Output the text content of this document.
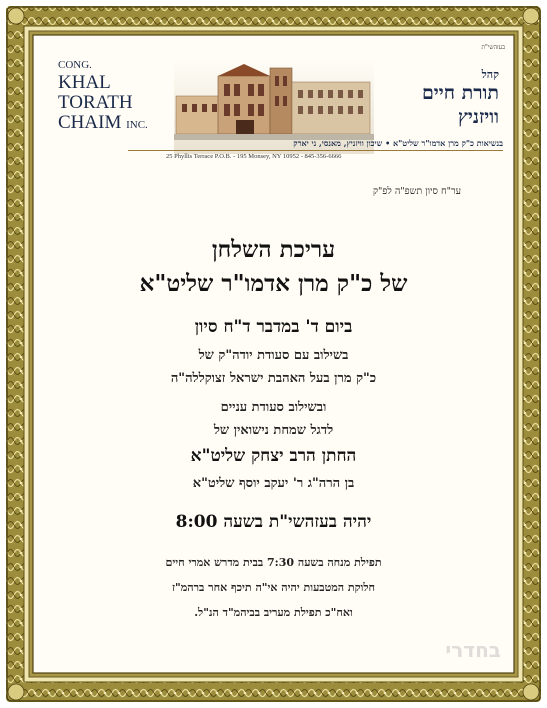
בעזהשי"ת
CONG.
KHAL
TORATH
CHAIM INC.
קהל
תורת חיים
וויזניץ
בנשיאות כ"ק מרן אדמו"ר שליט"א • שיכון וויזניץ, מאנסי, ני יארק
25 Phyllis Terrace P.O.B. - 195 Monsey, NY 10952 - 845-356-6666
ער"ח סיון תשפ"ה לפ"ק
עריכת השלחן
של כ"ק מרן אדמו"ר שליט"א
ביום ד' במדבר ד"ח סיון
בשילוב עם סעודת יודה"ק של
כ"ק מרן בעל האהבת ישראל זצוקללה"ה
ובשילוב סעודת עניים
לדגל שמחת נישואין של
החתן הרב יצחק שליט"א
בן הרה"ג ר' יעקב יוסף שליט"א
יהיה בעזהשי"ת בשעה 8:00
תפילת מנחה בשעה 7:30 בבית מדרש אמרי חיים
חלוקת המטבעות יהיה אי"ה תיכף אחר ברהמ"ז
ואח"כ תפילת מעריב בביהמ"ד הנ"ל.
בחדרי
